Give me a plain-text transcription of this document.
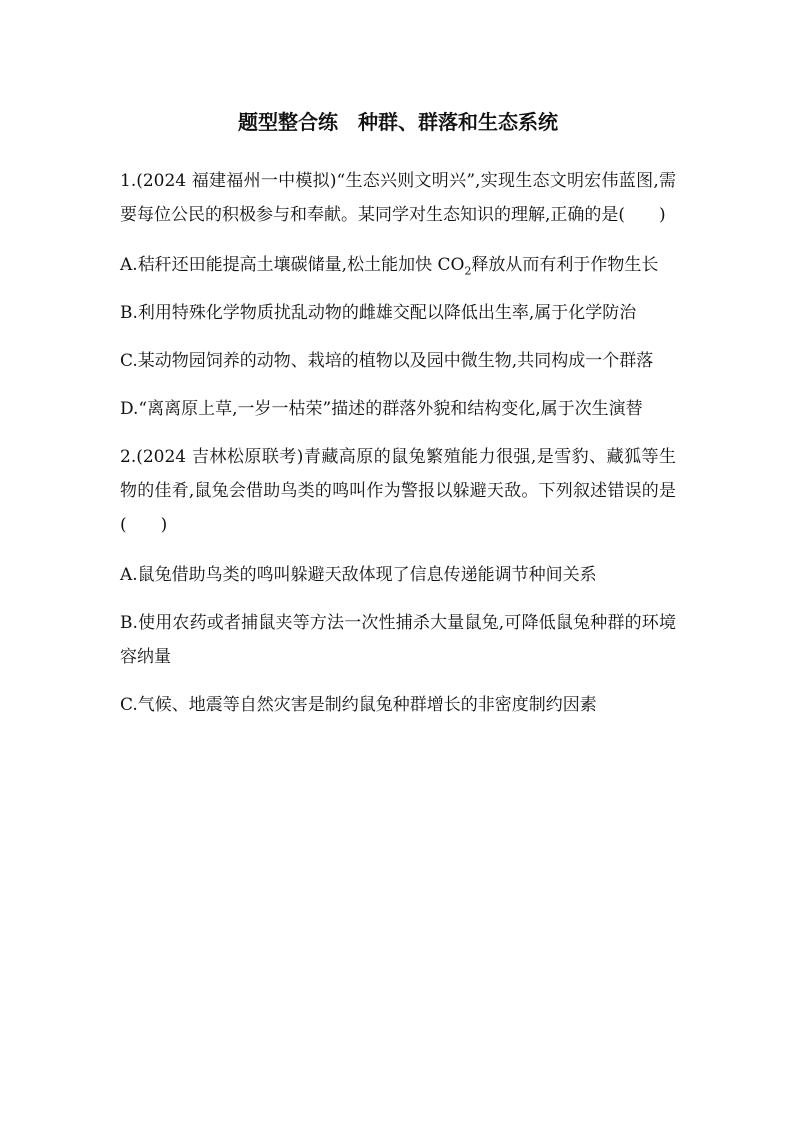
题型整合练　种群、群落和生态系统
1.(2024 福建福州一中模拟)“生态兴则文明兴”,实现生态文明宏伟蓝图,需要每位公民的积极参与和奉献。某同学对生态知识的理解,正确的是(　　)
A.秸秆还田能提高土壤碳储量,松土能加快 $CO_2$释放从而有利于作物生长
B.利用特殊化学物质扰乱动物的雌雄交配以降低出生率,属于化学防治
C.某动物园饲养的动物、栽培的植物以及园中微生物,共同构成一个群落
D.“离离原上草,一岁一枯荣”描述的群落外貌和结构变化,属于次生演替
2.(2024 吉林松原联考)青藏高原的鼠兔繁殖能力很强,是雪豹、藏狐等生物的佳肴,鼠兔会借助鸟类的鸣叫作为警报以躲避天敌。下列叙述错误的是(　　)
A.鼠兔借助鸟类的鸣叫躲避天敌体现了信息传递能调节种间关系
B.使用农药或者捕鼠夹等方法一次性捕杀大量鼠兔,可降低鼠兔种群的环境容纳量
C.气候、地震等自然灾害是制约鼠兔种群增长的非密度制约因素
